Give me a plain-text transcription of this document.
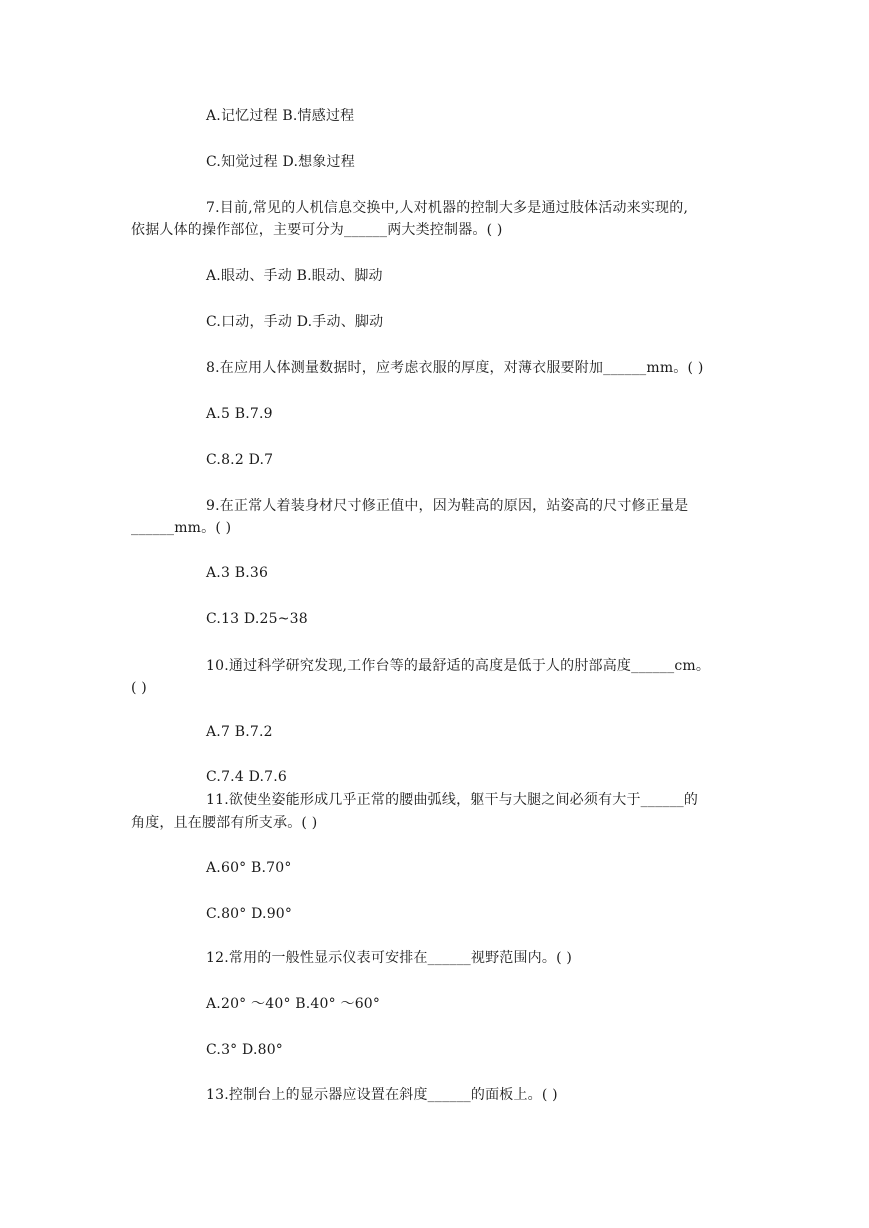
A.记忆过程 B.情感过程
C.知觉过程 D.想象过程
7.目前,常见的人机信息交换中,人对机器的控制大多是通过肢体活动来实现的,
依据人体的操作部位，主要可分为______两大类控制器。( )
A.眼动、手动 B.眼动、脚动
C.口动，手动 D.手动、脚动
8.在应用人体测量数据时，应考虑衣服的厚度，对薄衣服要附加______mm。( )
A.5 B.7.9
C.8.2 D.7
9.在正常人着装身材尺寸修正值中，因为鞋高的原因，站姿高的尺寸修正量是
______mm。( )
A.3 B.36
C.13 D.25~38
10.通过科学研究发现,工作台等的最舒适的高度是低于人的肘部高度______cm。
( )
A.7 B.7.2
C.7.4 D.7.6
11.欲使坐姿能形成几乎正常的腰曲弧线，躯干与大腿之间必须有大于______的
角度，且在腰部有所支承。( )
A.60° B.70°
C.80° D.90°
12.常用的一般性显示仪表可安排在______视野范围内。( )
A.20° ～40° B.40° ～60°
C.3° D.80°
13.控制台上的显示器应设置在斜度______的面板上。( )
